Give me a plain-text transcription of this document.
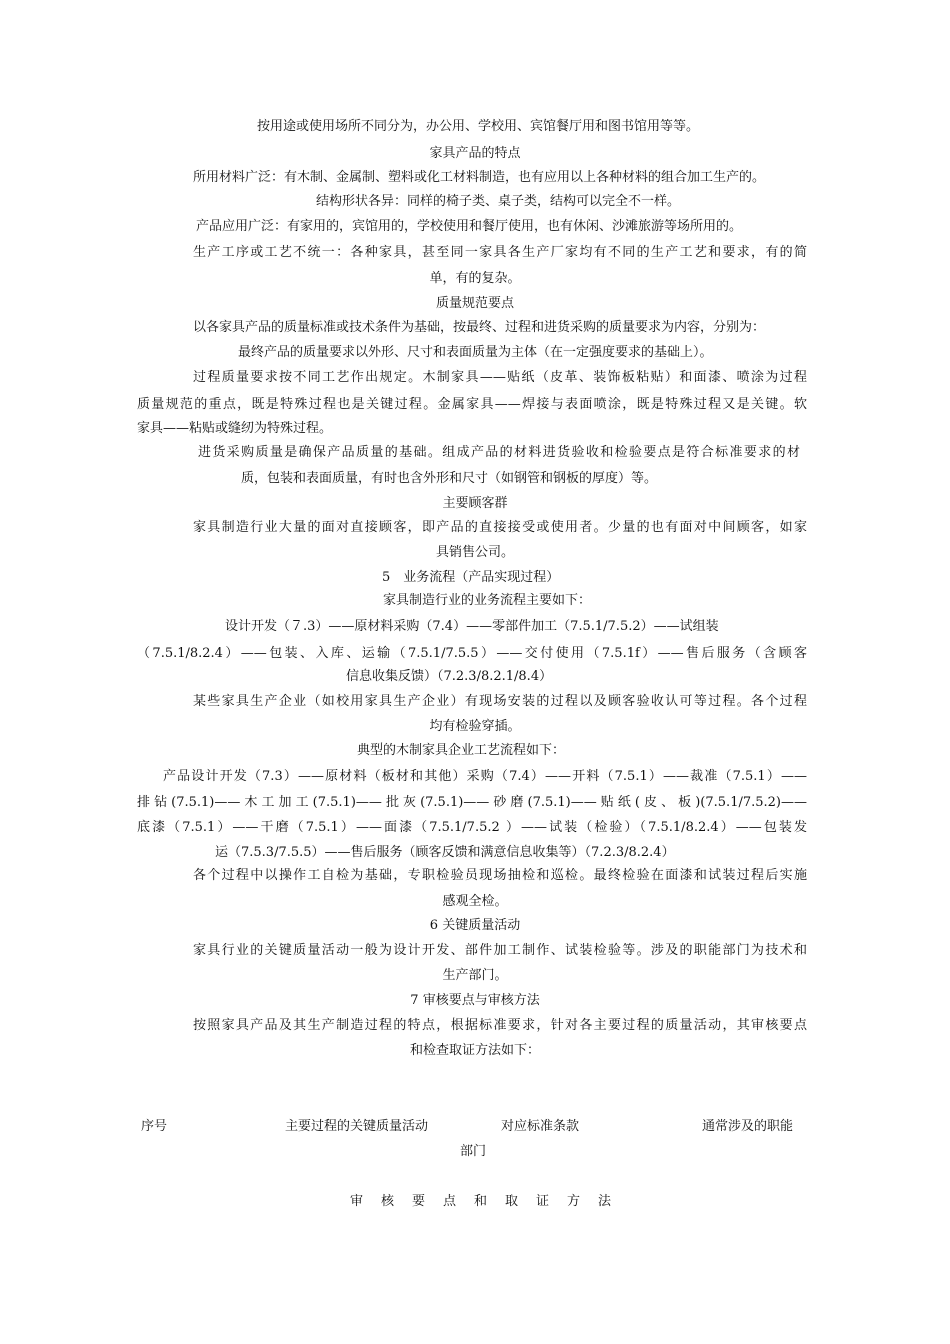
按用途或使用场所不同分为，办公用、学校用、宾馆餐厅用和图书馆用等等。
家具产品的特点
所用材料广泛：有木制、金属制、塑料或化工材料制造，也有应用以上各种材料的组合加工生产的。
结构形状各异：同样的椅子类、桌子类，结构可以完全不一样。
产品应用广泛：有家用的，宾馆用的，学校使用和餐厅使用，也有休闲、沙滩旅游等场所用的。
生产工序或工艺不统一：各种家具，甚至同一家具各生产厂家均有不同的生产工艺和要求，有的简
单，有的复杂。
质量规范要点
以各家具产品的质量标准或技术条件为基础，按最终、过程和进货采购的质量要求为内容，分别为：
最终产品的质量要求以外形、尺寸和表面质量为主体（在一定强度要求的基础上）。
过程质量要求按不同工艺作出规定。木制家具——贴纸（皮革、装饰板粘贴）和面漆、喷涂为过程
质量规范的重点，既是特殊过程也是关键过程。金属家具——焊接与表面喷涂，既是特殊过程又是关键。软
家具——粘贴或缝纫为特殊过程。
进货采购质量是确保产品质量的基础。组成产品的材料进货验收和检验要点是符合标准要求的材
质，包装和表面质量，有时也含外形和尺寸（如钢管和钢板的厚度）等。
主要顾客群
家具制造行业大量的面对直接顾客，即产品的直接接受或使用者。少量的也有面对中间顾客，如家
具销售公司。
5　业务流程（产品实现过程）
家具制造行业的业务流程主要如下：
设计开发（７.3）——原材料采购（7.4）——零部件加工（7.5.1/7.5.2）——试组装
（7.5.1/8.2.4）——包装、入库、运输（7.5.1/7.5.5）——交付使用（7.5.1f）——售后服务（含顾客
信息收集反馈）（7.2.3/8.2.1/8.4）
某些家具生产企业（如校用家具生产企业）有现场安装的过程以及顾客验收认可等过程。各个过程
均有检验穿插。
典型的木制家具企业工艺流程如下：
产品设计开发（7.3）——原材料（板材和其他）采购（7.4）——开料（7.5.1）——裁准（7.5.1）——
排钻(7.5.1)——木工加工(7.5.1)——批灰(7.5.1)——砂磨(7.5.1)——贴纸(皮、板)(7.5.1/7.5.2)——
底漆（7.5.1）——干磨（7.5.1）——面漆（7.5.1/7.5.2 ）——试装（检验）（7.5.1/8.2.4）——包装发
运（7.5.3/7.5.5）——售后服务（顾客反馈和满意信息收集等）（7.2.3/8.2.4）
各个过程中以操作工自检为基础，专职检验员现场抽检和巡检。最终检验在面漆和试装过程后实施
感观全检。
6 关键质量活动
家具行业的关键质量活动一般为设计开发、部件加工制作、试装检验等。涉及的职能部门为技术和
生产部门。
7 审核要点与审核方法
按照家具产品及其生产制造过程的特点，根据标准要求，针对各主要过程的质量活动，其审核要点
和检查取证方法如下：
序号	主要过程的关键质量活动	对应标准条款	通常涉及的职能
部门
审核要点和取证方法
